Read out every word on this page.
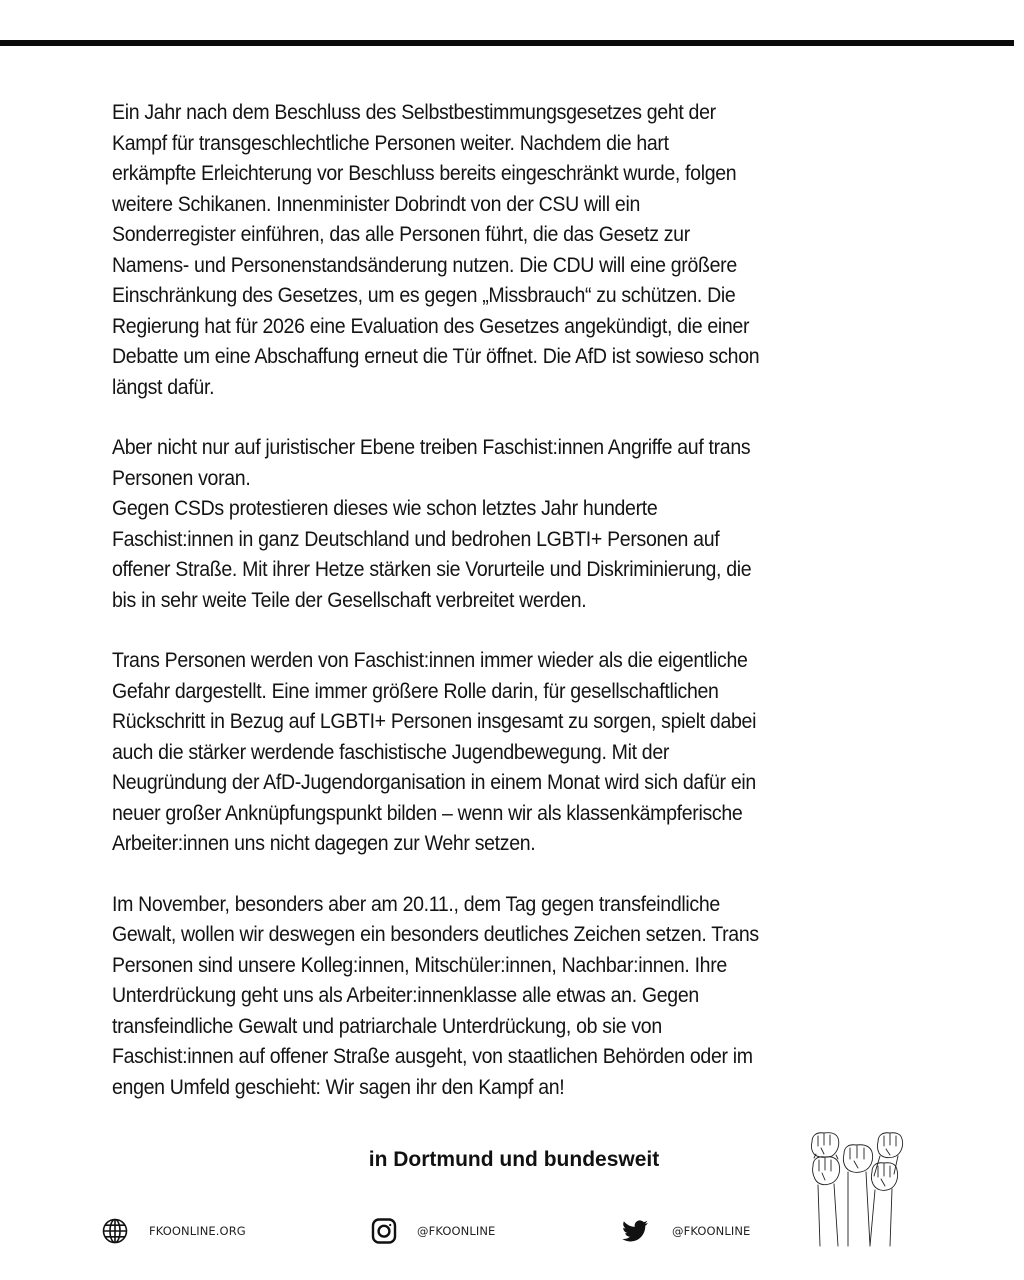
Ein Jahr nach dem Beschluss des Selbstbestimmungsgesetzes geht der
Kampf für transgeschlechtliche Personen weiter. Nachdem die hart
erkämpfte Erleichterung vor Beschluss bereits eingeschränkt wurde, folgen
weitere Schikanen. Innenminister Dobrindt von der CSU will ein
Sonderregister einführen, das alle Personen führt, die das Gesetz zur
Namens- und Personenstandsänderung nutzen. Die CDU will eine größere
Einschränkung des Gesetzes, um es gegen „Missbrauch“ zu schützen. Die
Regierung hat für 2026 eine Evaluation des Gesetzes angekündigt, die einer
Debatte um eine Abschaffung erneut die Tür öffnet. Die AfD ist sowieso schon
längst dafür.

Aber nicht nur auf juristischer Ebene treiben Faschist:innen Angriffe auf trans
Personen voran.
Gegen CSDs protestieren dieses wie schon letztes Jahr hunderte
Faschist:innen in ganz Deutschland und bedrohen LGBTI+ Personen auf
offener Straße. Mit ihrer Hetze stärken sie Vorurteile und Diskriminierung, die
bis in sehr weite Teile der Gesellschaft verbreitet werden.

Trans Personen werden von Faschist:innen immer wieder als die eigentliche
Gefahr dargestellt. Eine immer größere Rolle darin, für gesellschaftlichen
Rückschritt in Bezug auf LGBTI+ Personen insgesamt zu sorgen, spielt dabei
auch die stärker werdende faschistische Jugendbewegung. Mit der
Neugründung der AfD-Jugendorganisation in einem Monat wird sich dafür ein
neuer großer Anknüpfungspunkt bilden – wenn wir als klassenkämpferische
Arbeiter:innen uns nicht dagegen zur Wehr setzen.

Im November, besonders aber am 20.11., dem Tag gegen transfeindliche
Gewalt, wollen wir deswegen ein besonders deutliches Zeichen setzen. Trans
Personen sind unsere Kolleg:innen, Mitschüler:innen, Nachbar:innen. Ihre
Unterdrückung geht uns als Arbeiter:innenklasse alle etwas an. Gegen
transfeindliche Gewalt und patriarchale Unterdrückung, ob sie von
Faschist:innen auf offener Straße ausgeht, von staatlichen Behörden oder im
engen Umfeld geschieht: Wir sagen ihr den Kampf an!

in Dortmund und bundesweit
FKOONLINE.ORG	@FKOONLINE	@FKOONLINE
